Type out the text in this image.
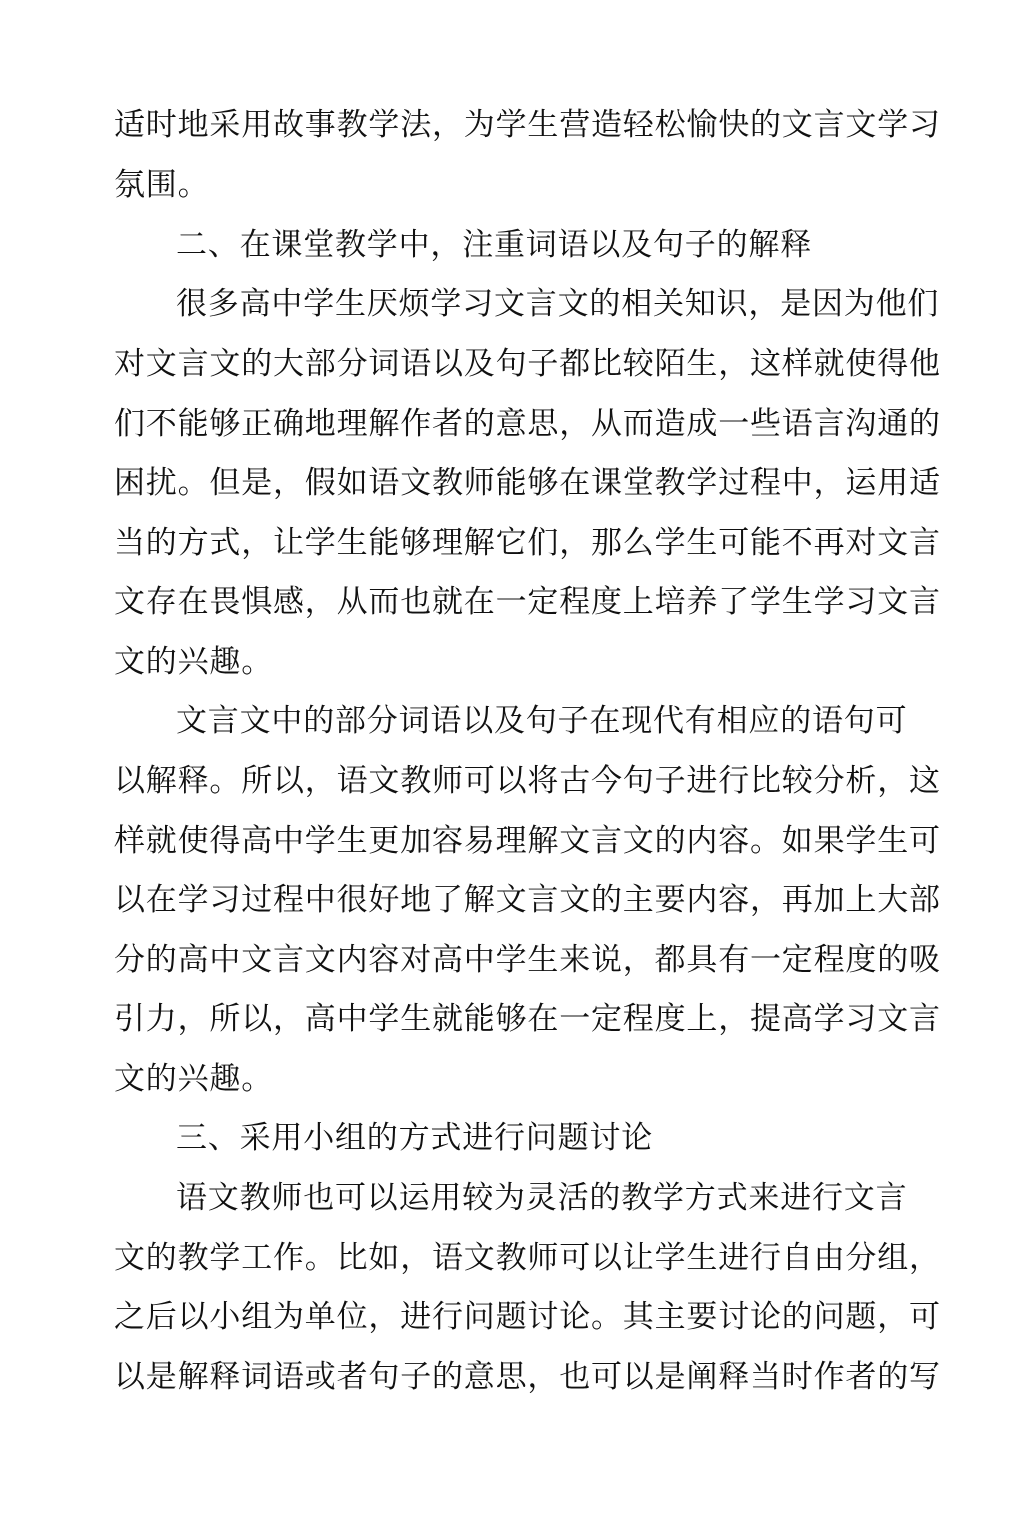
适时地采用故事教学法，为学生营造轻松愉快的文言文学习
氛围。
二、在课堂教学中，注重词语以及句子的解释
很多高中学生厌烦学习文言文的相关知识，是因为他们
对文言文的大部分词语以及句子都比较陌生，这样就使得他
们不能够正确地理解作者的意思，从而造成一些语言沟通的
困扰。但是，假如语文教师能够在课堂教学过程中，运用适
当的方式，让学生能够理解它们，那么学生可能不再对文言
文存在畏惧感，从而也就在一定程度上培养了学生学习文言
文的兴趣。
文言文中的部分词语以及句子在现代有相应的语句可
以解释。所以，语文教师可以将古今句子进行比较分析，这
样就使得高中学生更加容易理解文言文的内容。如果学生可
以在学习过程中很好地了解文言文的主要内容，再加上大部
分的高中文言文内容对高中学生来说，都具有一定程度的吸
引力，所以，高中学生就能够在一定程度上，提高学习文言
文的兴趣。
三、采用小组的方式进行问题讨论
语文教师也可以运用较为灵活的教学方式来进行文言
文的教学工作。比如，语文教师可以让学生进行自由分组，
之后以小组为单位，进行问题讨论。其主要讨论的问题，可
以是解释词语或者句子的意思，也可以是阐释当时作者的写
